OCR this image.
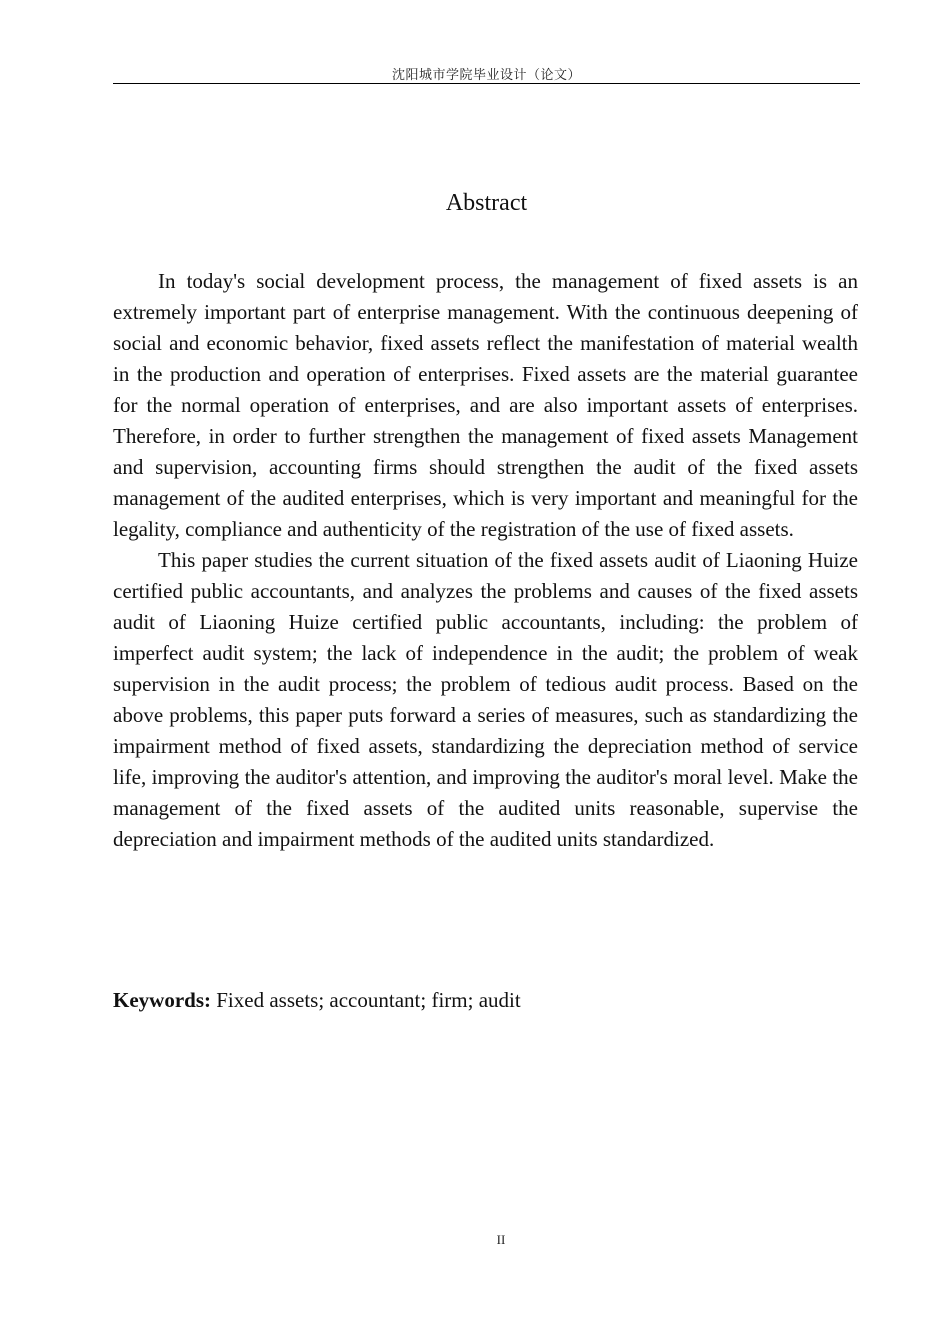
沈阳城市学院毕业设计（论文）
Abstract

In today's social development process, the management of fixed assets is an extremely important part of enterprise management. With the continuous deepening of social and economic behavior, fixed assets reflect the manifestation of material wealth in the production and operation of enterprises. Fixed assets are the material guarantee for the normal operation of enterprises, and are also important assets of enterprises. Therefore, in order to further strengthen the management of fixed assets Management and supervision, accounting firms should strengthen the audit of the fixed assets management of the audited enterprises, which is very important and meaningful for the legality, compliance and authenticity of the registration of the use of fixed assets.

This paper studies the current situation of the fixed assets audit of Liaoning Huize certified public accountants, and analyzes the problems and causes of the fixed assets audit of Liaoning Huize certified public accountants, including: the problem of imperfect audit system; the lack of independence in the audit; the problem of weak supervision in the audit process; the problem of tedious audit process. Based on the above problems, this paper puts forward a series of measures, such as standardizing the impairment method of fixed assets, standardizing the depreciation method of service life, improving the auditor's attention, and improving the auditor's moral level. Make the management of the fixed assets of the audited units reasonable, supervise the depreciation and impairment methods of the audited units standardized.

Keywords: Fixed assets; accountant; firm; audit
II
